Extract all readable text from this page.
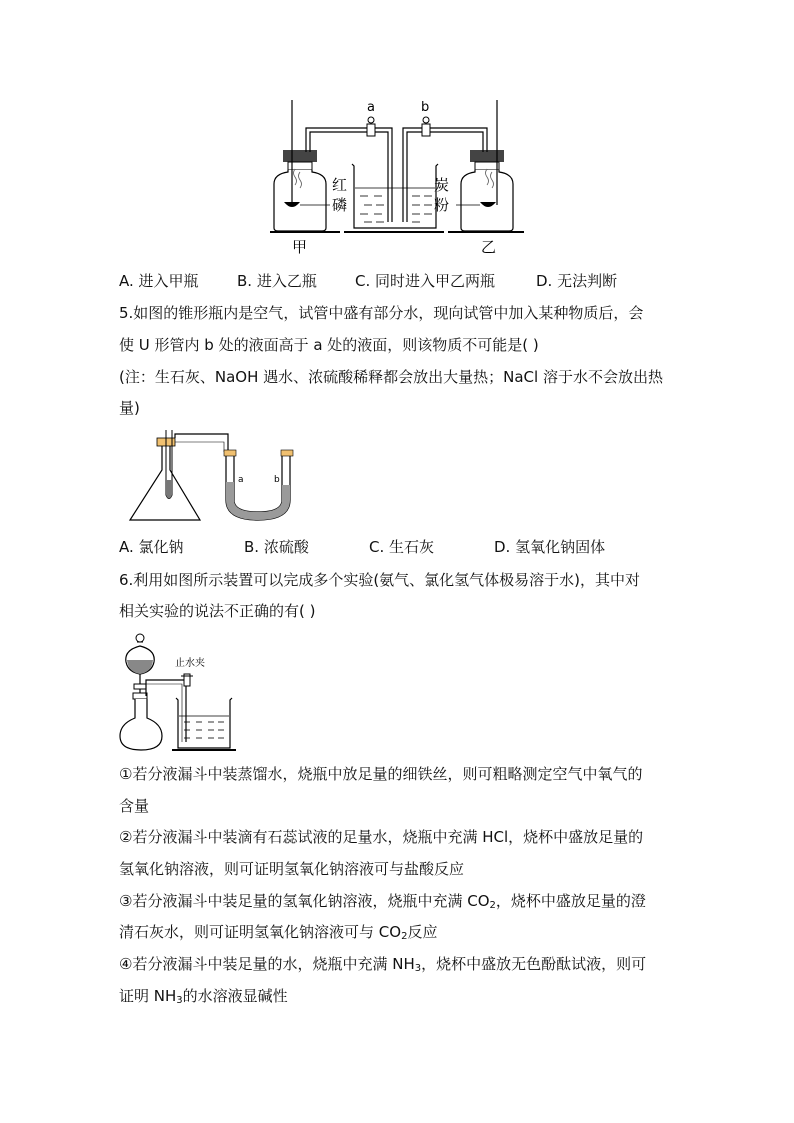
a	b
红
磷
炭
粉
甲	乙
A. 进入甲瓶	B. 进入乙瓶	C. 同时进入甲乙两瓶	D. 无法判断
5.如图的锥形瓶内是空气，试管中盛有部分水，现向试管中加入某种物质后，会
使 U 形管内 b 处的液面高于 a 处的液面，则该物质不可能是( )
(注：生石灰、NaOH 遇水、浓硫酸稀释都会放出大量热；NaCl 溶于水不会放出热
量)
a	b
A. 氯化钠	B. 浓硫酸	C. 生石灰	D. 氢氧化钠固体
6.利用如图所示装置可以完成多个实验(氨气、氯化氢气体极易溶于水)，其中对
相关实验的说法不正确的有( )
止水夹
①若分液漏斗中装蒸馏水，烧瓶中放足量的细铁丝，则可粗略测定空气中氧气的
含量
②若分液漏斗中装滴有石蕊试液的足量水，烧瓶中充满 HCl，烧杯中盛放足量的
氢氧化钠溶液，则可证明氢氧化钠溶液可与盐酸反应
③若分液漏斗中装足量的氢氧化钠溶液，烧瓶中充满 $CO_2$，烧杯中盛放足量的澄
清石灰水，则可证明氢氧化钠溶液可与 $CO_2$反应
④若分液漏斗中装足量的水，烧瓶中充满 $NH_3$，烧杯中盛放无色酚酞试液，则可
证明 $NH_3$的水溶液显碱性
